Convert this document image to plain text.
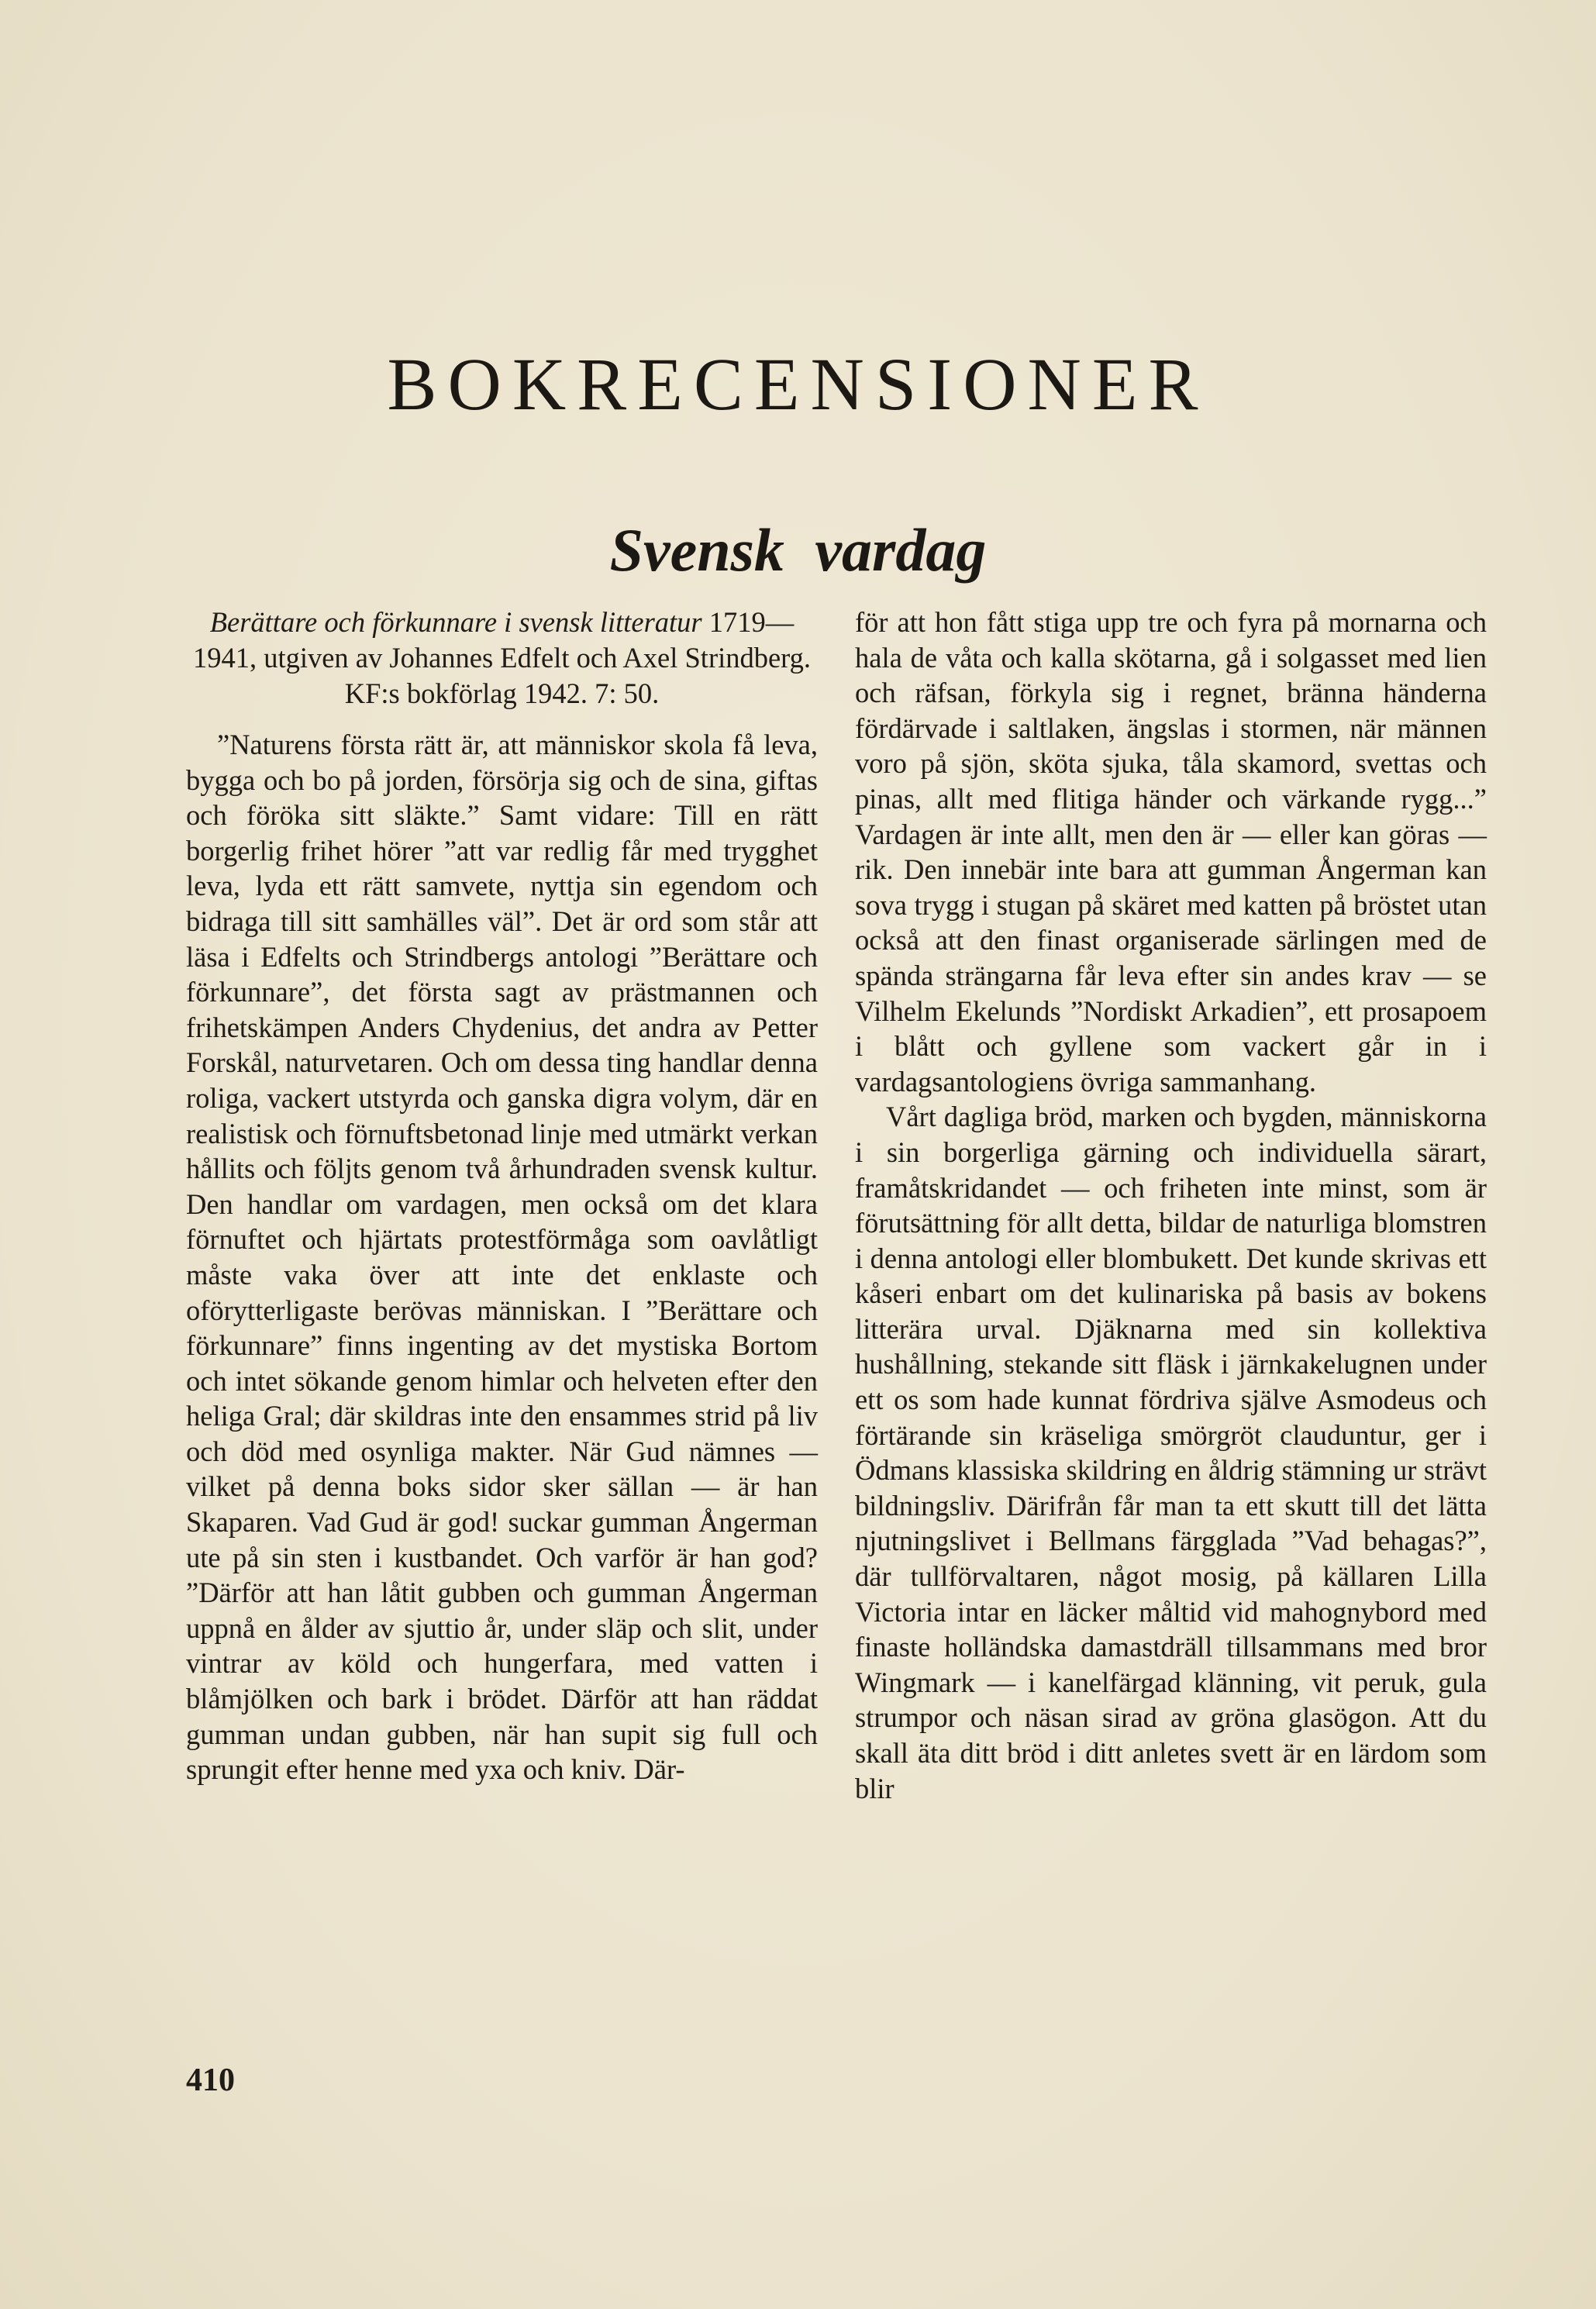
BOKRECENSIONER
Svensk vardag

Berättare och förkunnare i svensk litteratur 1719—1941, utgiven av Johannes Edfelt och Axel Strindberg. KF:s bokförlag 1942. 7: 50.

”Naturens första rätt är, att människor skola få leva, bygga och bo på jorden, försörja sig och de sina, giftas och föröka sitt släkte.” Samt vidare: Till en rätt borgerlig frihet hörer ”att var redlig får med trygghet leva, lyda ett rätt samvete, nyttja sin egendom och bidraga till sitt samhälles väl”. Det är ord som står att läsa i Edfelts och Strindbergs antologi ”Berättare och förkunnare”, det första sagt av prästmannen och frihetskämpen Anders Chydenius, det andra av Petter Forskål, naturvetaren. Och om dessa ting handlar denna roliga, vackert utstyrda och ganska digra volym, där en realistisk och förnuftsbetonad linje med utmärkt verkan hållits och följts genom två århundraden svensk kultur. Den handlar om vardagen, men också om det klara förnuftet och hjärtats protestförmåga som oavlåtligt måste vaka över att inte det enklaste och oförytterligaste berövas människan. I ”Berättare och förkunnare” finns ingenting av det mystiska Bortom och intet sökande genom himlar och helveten efter den heliga Gral; där skildras inte den ensammes strid på liv och död med osynliga makter. När Gud nämnes — vilket på denna boks sidor sker sällan — är han Skaparen. Vad Gud är god! suckar gumman Ångerman ute på sin sten i kustbandet. Och varför är han god? ”Därför att han låtit gubben och gumman Ångerman uppnå en ålder av sjuttio år, under släp och slit, under vintrar av köld och hungerfara, med vatten i blåmjölken och bark i brödet. Därför att han räddat gumman undan gubben, när han supit sig full och sprungit efter henne med yxa och kniv. Där-

för att hon fått stiga upp tre och fyra på mornarna och hala de våta och kalla skötarna, gå i solgasset med lien och räfsan, förkyla sig i regnet, bränna händerna fördärvade i saltlaken, ängslas i stormen, när männen voro på sjön, sköta sjuka, tåla skamord, svettas och pinas, allt med flitiga händer och värkande rygg...” Vardagen är inte allt, men den är — eller kan göras — rik. Den innebär inte bara att gumman Ångerman kan sova trygg i stugan på skäret med katten på bröstet utan också att den finast organiserade särlingen med de spända strängarna får leva efter sin andes krav — se Vilhelm Ekelunds ”Nordiskt Arkadien”, ett prosapoem i blått och gyllene som vackert går in i vardagsantologiens övriga sammanhang.

Vårt dagliga bröd, marken och bygden, människorna i sin borgerliga gärning och individuella särart, framåtskridandet — och friheten inte minst, som är förutsättning för allt detta, bildar de naturliga blomstren i denna antologi eller blombukett. Det kunde skrivas ett kåseri enbart om det kulinariska på basis av bokens litterära urval. Djäknarna med sin kollektiva hushållning, stekande sitt fläsk i järnkakelugnen under ett os som hade kunnat fördriva själve Asmodeus och förtärande sin kräseliga smörgröt clauduntur, ger i Ödmans klassiska skildring en åldrig stämning ur strävt bildningsliv. Därifrån får man ta ett skutt till det lätta njutningslivet i Bellmans färgglada ”Vad behagas?”, där tullförvaltaren, något mosig, på källaren Lilla Victoria intar en läcker måltid vid mahognybord med finaste holländska damastdräll tillsammans med bror Wingmark — i kanelfärgad klänning, vit peruk, gula strumpor och näsan sirad av gröna glasögon. Att du skall äta ditt bröd i ditt anletes svett är en lärdom som blir

410
